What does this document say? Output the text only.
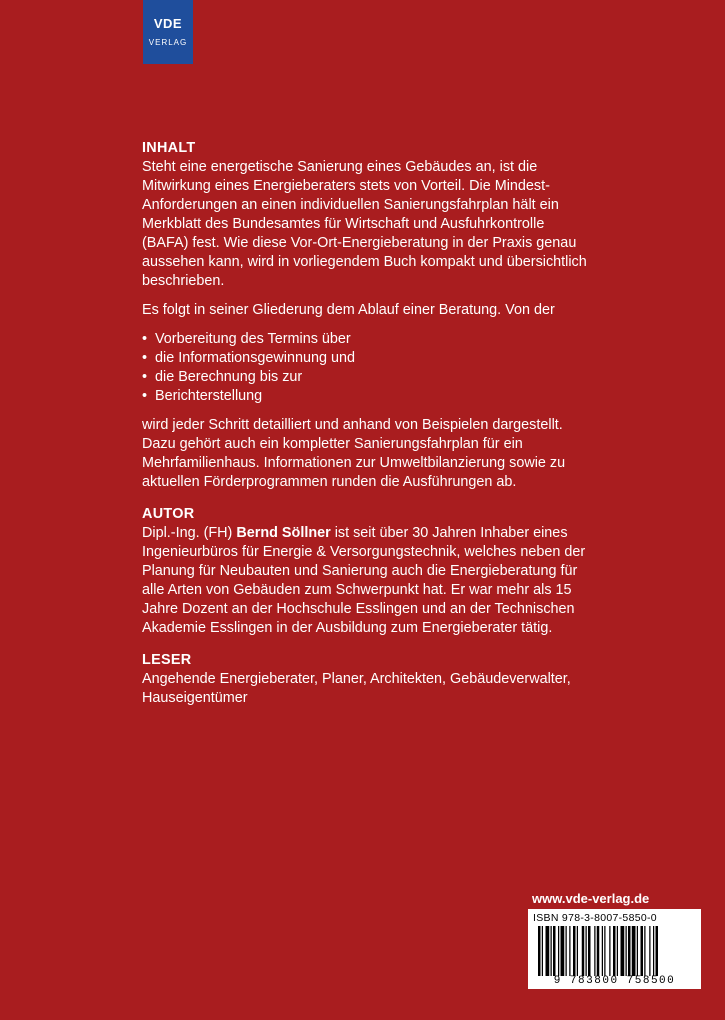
VDE
VERLAG
INHALT

Steht eine energetische Sanierung eines Gebäudes an, ist die Mitwirkung eines Energieberaters stets von Vorteil. Die Mindest-Anforderungen an einen individuellen Sanierungsfahrplan hält ein Merkblatt des Bundesamtes für Wirtschaft und Ausfuhrkontrolle (BAFA) fest. Wie diese Vor-Ort-Energieberatung in der Praxis genau aussehen kann, wird in vorliegendem Buch kompakt und übersichtlich beschrieben.

Es folgt in seiner Gliederung dem Ablauf einer Beratung. Von der

• Vorbereitung des Termins über
• die Informationsgewinnung und
• die Berechnung bis zur
• Berichterstellung

wird jeder Schritt detailliert und anhand von Beispielen dargestellt. Dazu gehört auch ein kompletter Sanierungsfahrplan für ein Mehrfamilienhaus. Informationen zur Umweltbilanzierung sowie zu aktuellen Förderprogrammen runden die Ausführungen ab.

AUTOR

Dipl.-Ing. (FH) Bernd Söllner ist seit über 30 Jahren Inhaber eines Ingenieurbüros für Energie & Versorgungstechnik, welches neben der Planung für Neubauten und Sanierung auch die Energieberatung für alle Arten von Gebäuden zum Schwerpunkt hat. Er war mehr als 15 Jahre Dozent an der Hochschule Esslingen und an der Technischen Akademie Esslingen in der Ausbildung zum Energieberater tätig.

LESER

Angehende Energieberater, Planer, Architekten, Gebäudeverwalter, Hauseigentümer

www.vde-verlag.de
ISBN 978-3-8007-5850-0
9 783800 758500
